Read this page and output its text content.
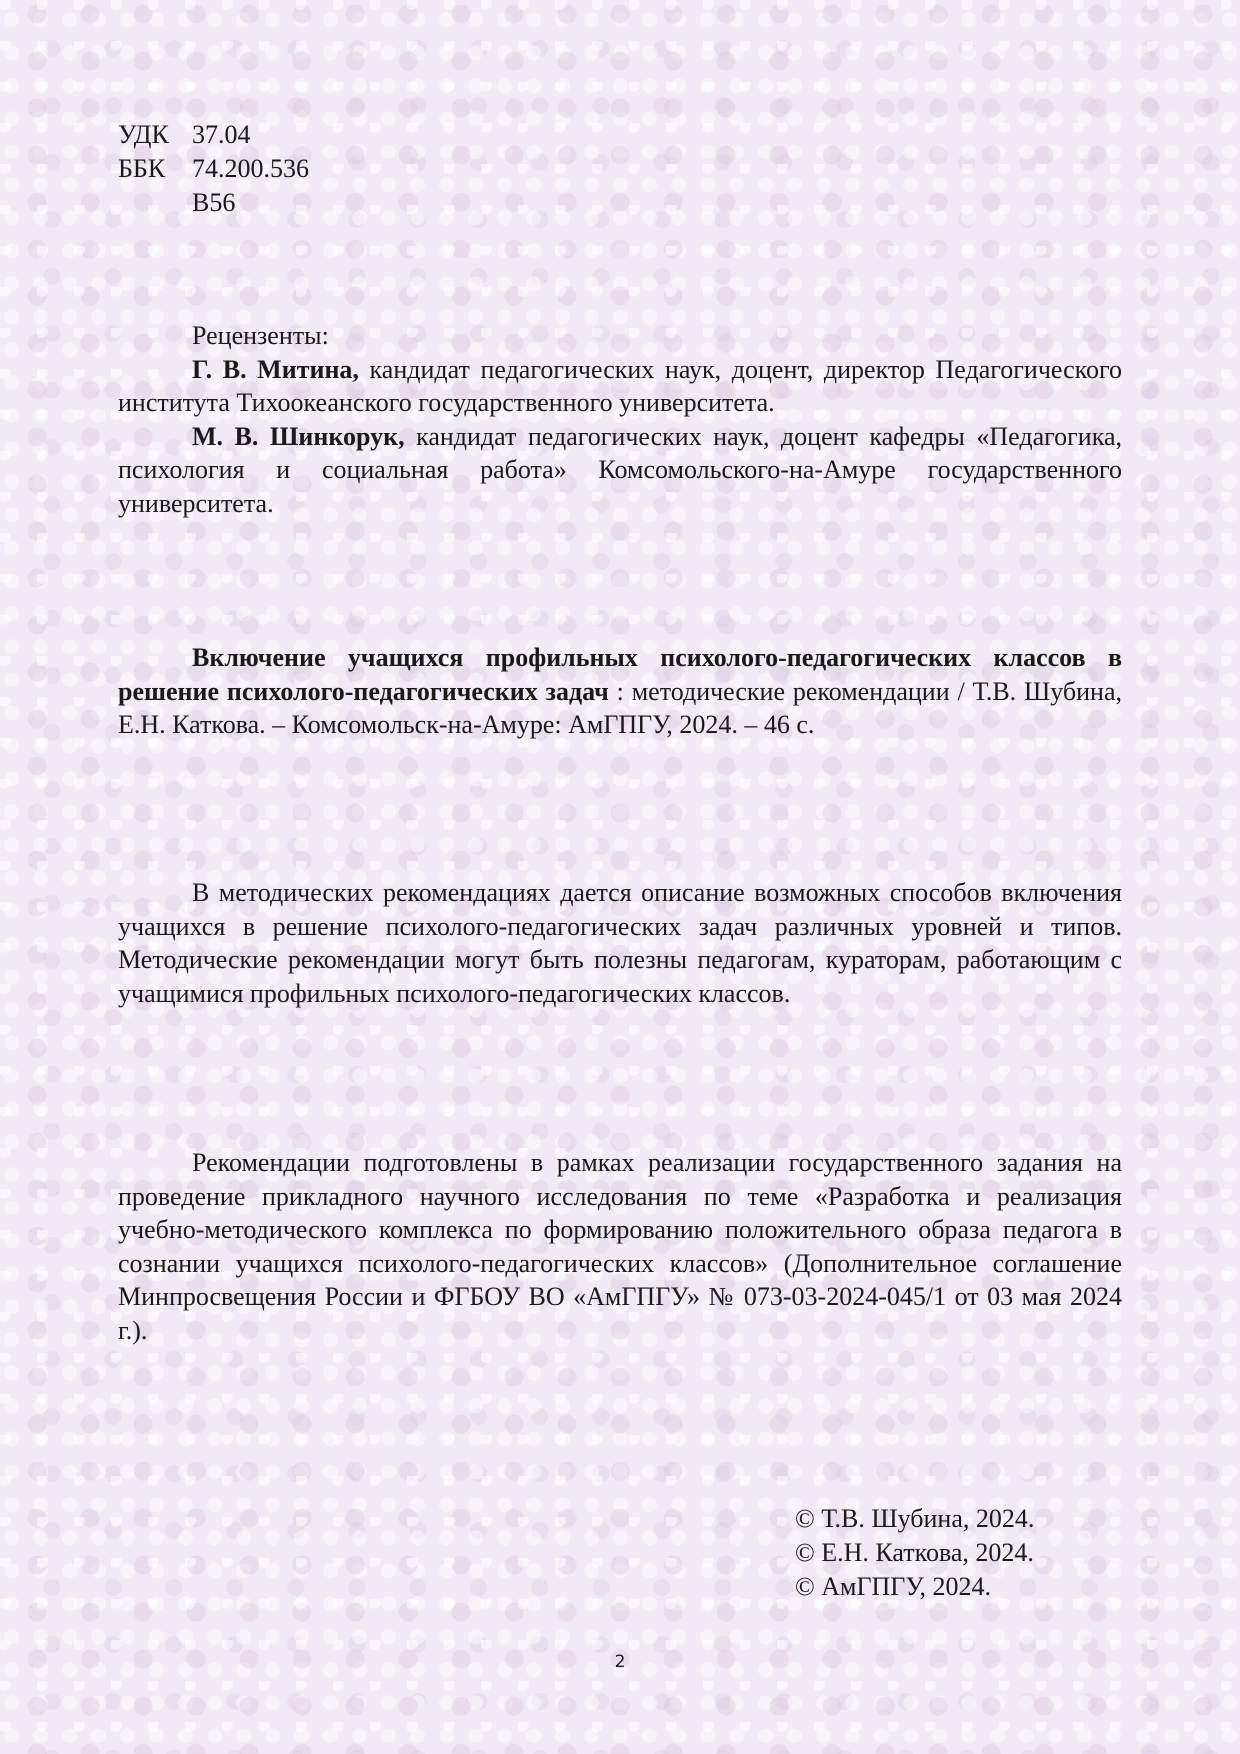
УДК 37.04
ББК	74.200.536
В56

Рецензенты:

Г. В. Митина, кандидат педагогических наук, доцент, директор Педагогического института Тихоокеанского государственного университета.

М. В. Шинкорук, кандидат педагогических наук, доцент кафедры «Педагогика, психология и социальная работа» Комсомольского-на-Амуре государственного университета.

Включение учащихся профильных психолого-педагогических классов в решение психолого-педагогических задач : методические рекомендации / Т.В. Шубина, Е.Н. Каткова. – Комсомольск-на-Амуре: АмГПГУ, 2024. – 46 с.

В методических рекомендациях дается описание возможных способов включения учащихся в решение психолого-педагогических задач различных уровней и типов. Методические рекомендации могут быть полезны педагогам, кураторам, работающим с учащимися профильных психолого-педагогических классов.

Рекомендации подготовлены в рамках реализации государственного задания на проведение прикладного научного исследования по теме «Разработка и реализация учебно-методического комплекса по формированию положительного образа педагога в сознании учащихся психолого-педагогических классов» (Дополнительное соглашение Минпросвещения России и ФГБОУ ВО «АмГПГУ» № 073-03-2024-045/1 от 03 мая 2024 г.).

© Т.В. Шубина, 2024.
© Е.Н. Каткова, 2024.
© АмГПГУ, 2024.
2
